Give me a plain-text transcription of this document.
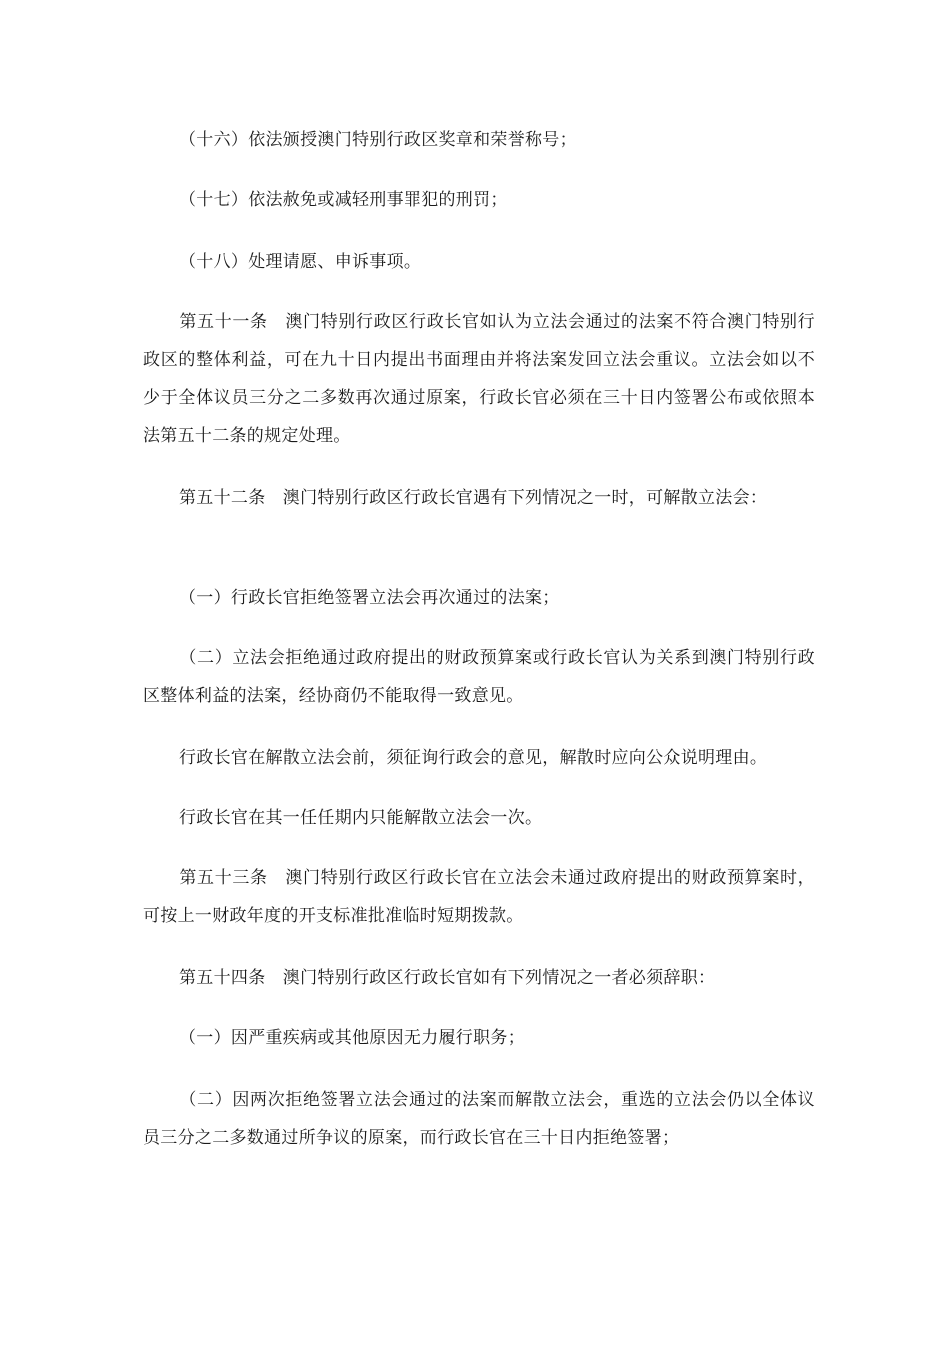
（十六）依法颁授澳门特别行政区奖章和荣誉称号；

（十七）依法赦免或减轻刑事罪犯的刑罚；

（十八）处理请愿、申诉事项。

第五十一条　澳门特别行政区行政长官如认为立法会通过的法案不符合澳门特别行政区的整体利益，可在九十日内提出书面理由并将法案发回立法会重议。立法会如以不少于全体议员三分之二多数再次通过原案，行政长官必须在三十日内签署公布或依照本法第五十二条的规定处理。

第五十二条　澳门特别行政区行政长官遇有下列情况之一时，可解散立法会：

（一）行政长官拒绝签署立法会再次通过的法案；

（二）立法会拒绝通过政府提出的财政预算案或行政长官认为关系到澳门特别行政区整体利益的法案，经协商仍不能取得一致意见。

行政长官在解散立法会前，须征询行政会的意见，解散时应向公众说明理由。

行政长官在其一任任期内只能解散立法会一次。

第五十三条　澳门特别行政区行政长官在立法会未通过政府提出的财政预算案时，可按上一财政年度的开支标准批准临时短期拨款。

第五十四条　澳门特别行政区行政长官如有下列情况之一者必须辞职：

（一）因严重疾病或其他原因无力履行职务；

（二）因两次拒绝签署立法会通过的法案而解散立法会，重选的立法会仍以全体议员三分之二多数通过所争议的原案，而行政长官在三十日内拒绝签署；
